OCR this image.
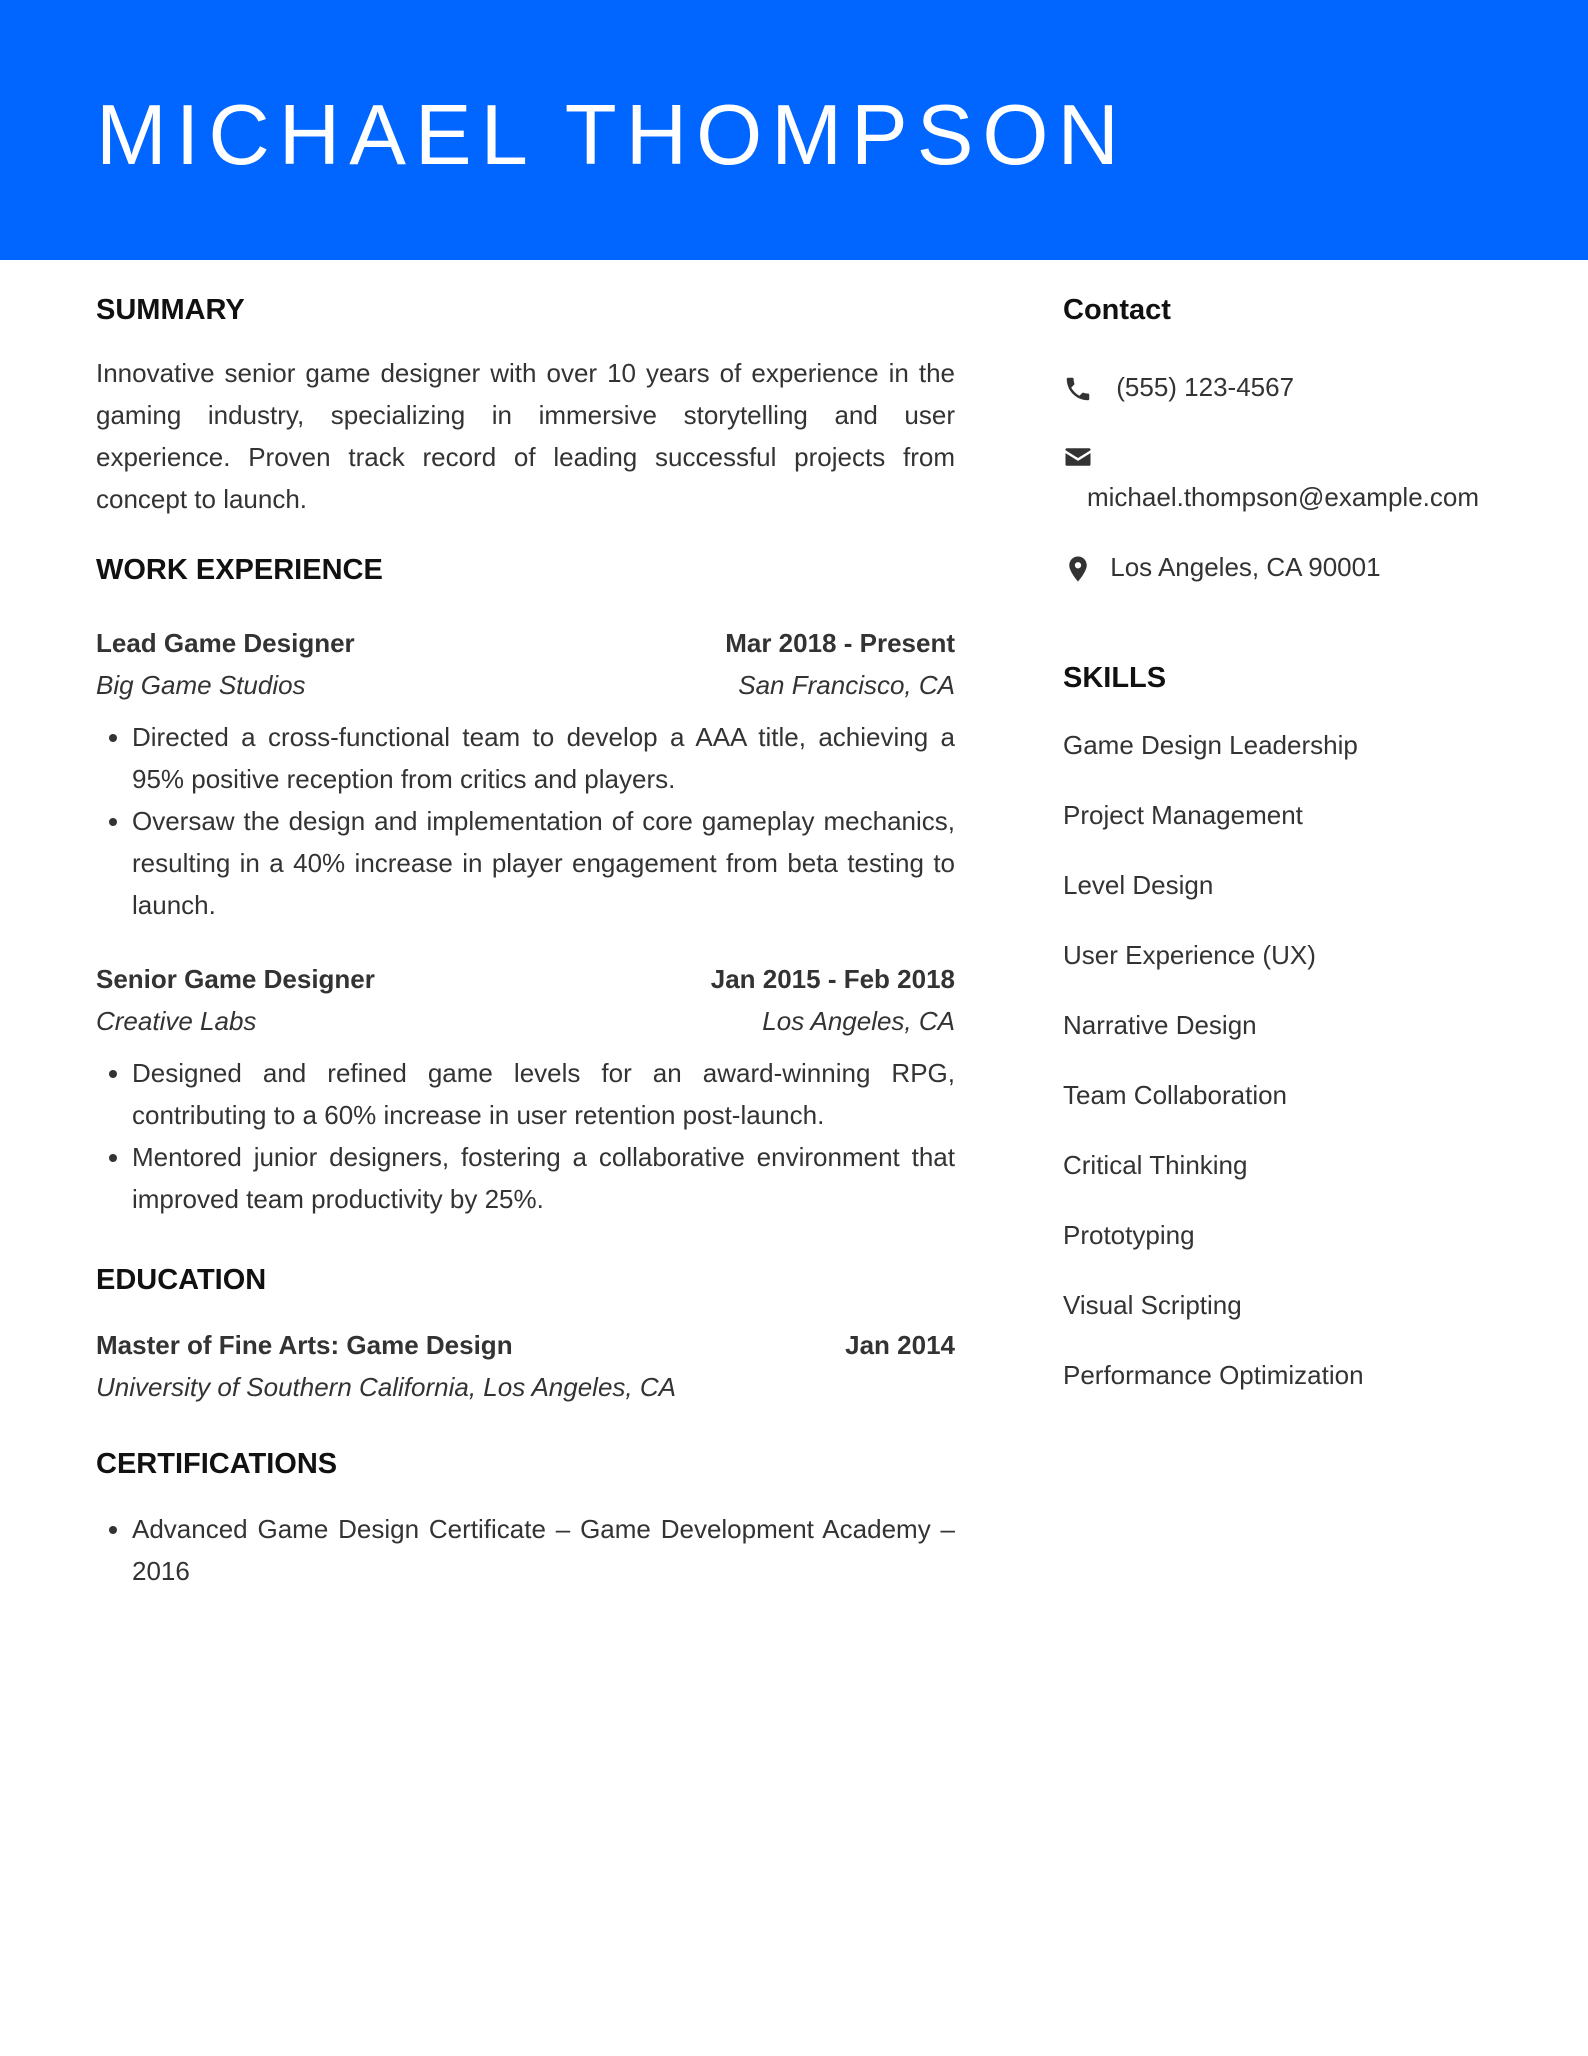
MICHAEL THOMPSON
SUMMARY

Innovative senior game designer with over 10 years of experience in the gaming industry, specializing in immersive storytelling and user experience. Proven track record of leading successful projects from concept to launch.

WORK EXPERIENCE
Lead Game Designer	Mar 2018 - Present
Big Game Studios	San Francisco, CA
• Directed a cross-functional team to develop a AAA title, achieving a 95% positive reception from critics and players.
• Oversaw the design and implementation of core gameplay mechanics, resulting in a 40% increase in player engagement from beta testing to launch.
Senior Game Designer	Jan 2015 - Feb 2018
Creative Labs	Los Angeles, CA
• Designed and refined game levels for an award-winning RPG, contributing to a 60% increase in user retention post-launch.
• Mentored junior designers, fostering a collaborative environment that improved team productivity by 25%.
EDUCATION
Master of Fine Arts: Game Design	Jan 2014
University of Southern California, Los Angeles, CA
CERTIFICATIONS
• Advanced Game Design Certificate – Game Development Academy – 2016
Contact
(555) 123-4567
michael.thompson@example.com
Los Angeles, CA 90001
SKILLS
Game Design Leadership
Project Management
Level Design
User Experience (UX)
Narrative Design
Team Collaboration
Critical Thinking
Prototyping
Visual Scripting
Performance Optimization
